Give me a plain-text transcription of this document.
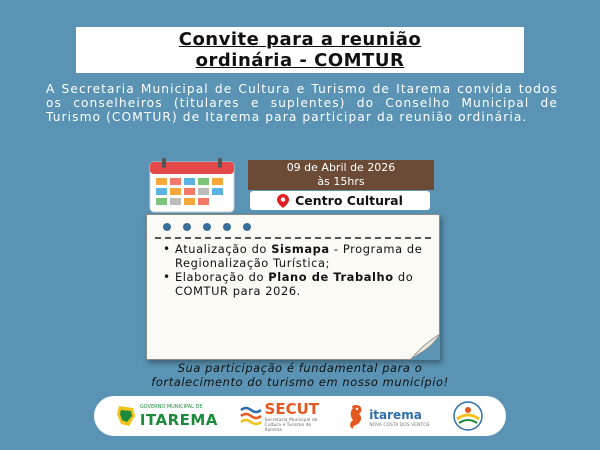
Convite para a reunião
ordinária - COMTUR

A Secretaria Municipal de Cultura e Turismo de Itarema convida todos os conselheiros (titulares e suplentes) do Conselho Municipal de Turismo (COMTUR) de Itarema para participar da reunião ordinária.

09 de Abril de 2026
às 15hrs
Centro Cultural
• Atualização do Sismapa - Programa de Regionalização Turística;
• Elaboração do Plano de Trabalho do COMTUR para 2026.
Sua participação é fundamental para o
fortalecimento do turismo em nosso município!
GOVERNO MUNICIPAL DE
ITAREMA
SECUT
Secretaria Municipal de Cultura e Turismo de Itarema
itarema
NOVA COSTA DOS VENTOS
